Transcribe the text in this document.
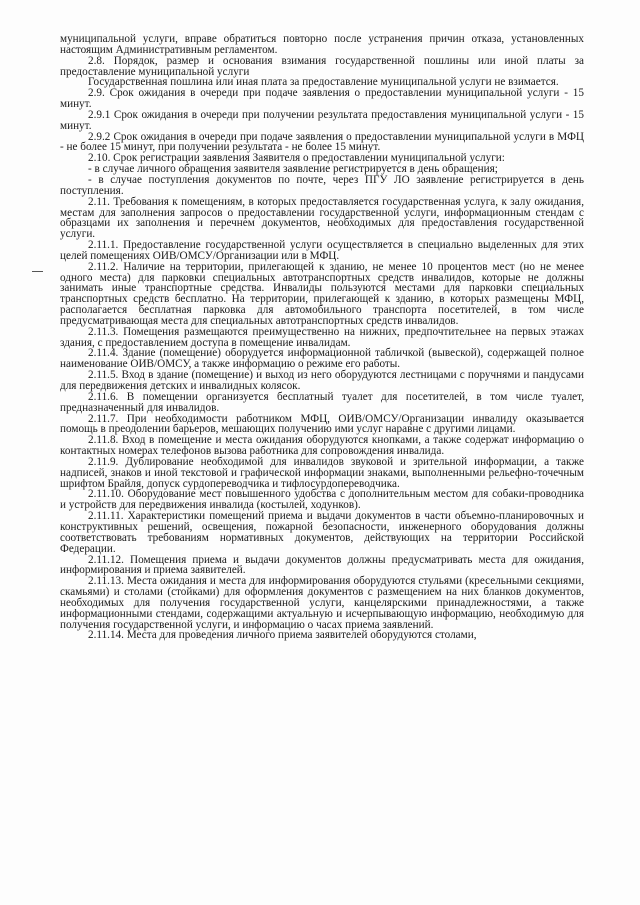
муниципальной услуги, вправе обратиться повторно после устранения причин отказа, установленных настоящим Административным регламентом.

2.8. Порядок, размер и основания взимания государственной пошлины или иной платы за предоставление муниципальной услуги

Государственная пошлина или иная плата за предоставление муниципальной услуги не взимается.

2.9. Срок ожидания в очереди при подаче заявления о предоставлении муниципальной услуги - 15 минут.

2.9.1 Срок ожидания в очереди при получении результата предоставления муниципальной услуги - 15 минут.

2.9.2 Срок ожидания в очереди при подаче заявления о предоставлении муниципальной услуги в МФЦ - не более 15 минут, при получении результата - не более 15 минут.

2.10. Срок регистрации заявления Заявителя о предоставлении муниципальной услуги:

- в случае личного обращения заявителя заявление регистрируется в день обращения;

- в случае поступления документов по почте, через ПГУ ЛО заявление регистрируется в день поступления.

2.11. Требования к помещениям, в которых предоставляется государственная услуга, к залу ожидания, местам для заполнения запросов о предоставлении государственной услуги, информационным стендам с образцами их заполнения и перечнем документов, необходимых для предоставления государственной услуги.

2.11.1. Предоставление государственной услуги осуществляется в специально выделенных для этих целей помещениях ОИВ/ОМСУ/Организации или в МФЦ.

2.11.2. Наличие на территории, прилегающей к зданию, не менее 10 процентов мест (но не менее одного места) для парковки специальных автотранспортных средств инвалидов, которые не должны занимать иные транспортные средства. Инвалиды пользуются местами для парковки специальных транспортных средств бесплатно. На территории, прилегающей к зданию, в которых размещены МФЦ, располагается бесплатная парковка для автомобильного транспорта посетителей, в том числе предусматривающая места для специальных автотранспортных средств инвалидов.

2.11.3. Помещения размещаются преимущественно на нижних, предпочтительнее на первых этажах здания, с предоставлением доступа в помещение инвалидам.

2.11.4. Здание (помещение) оборудуется информационной табличкой (вывеской), содержащей полное наименование ОИВ/ОМСУ, а также информацию о режиме его работы.

2.11.5. Вход в здание (помещение) и выход из него оборудуются лестницами с поручнями и пандусами для передвижения детских и инвалидных колясок.

2.11.6. В помещении организуется бесплатный туалет для посетителей, в том числе туалет, предназначенный для инвалидов.

2.11.7. При необходимости работником МФЦ, ОИВ/ОМСУ/Организации инвалиду оказывается помощь в преодолении барьеров, мешающих получению ими услуг наравне с другими лицами.

2.11.8. Вход в помещение и места ожидания оборудуются кнопками, а также содержат информацию о контактных номерах телефонов вызова работника для сопровождения инвалида.

2.11.9. Дублирование необходимой для инвалидов звуковой и зрительной информации, а также надписей, знаков и иной текстовой и графической информации знаками, выполненными рельефно-точечным шрифтом Брайля, допуск сурдопереводчика и тифлосурдопереводчика.

2.11.10. Оборудование мест повышенного удобства с дополнительным местом для собаки-проводника и устройств для передвижения инвалида (костылей, ходунков).

2.11.11. Характеристики помещений приема и выдачи документов в части объемно-планировочных и конструктивных решений, освещения, пожарной безопасности, инженерного оборудования должны соответствовать требованиям нормативных документов, действующих на территории Российской Федерации.

2.11.12. Помещения приема и выдачи документов должны предусматривать места для ожидания, информирования и приема заявителей.

2.11.13. Места ожидания и места для информирования оборудуются стульями (кресельными секциями, скамьями) и столами (стойками) для оформления документов с размещением на них бланков документов, необходимых для получения государственной услуги, канцелярскими принадлежностями, а также информационными стендами, содержащими актуальную и исчерпывающую информацию, необходимую для получения государственной услуги, и информацию о часах приема заявлений.

2.11.14. Места для проведения личного приема заявителей оборудуются столами,
